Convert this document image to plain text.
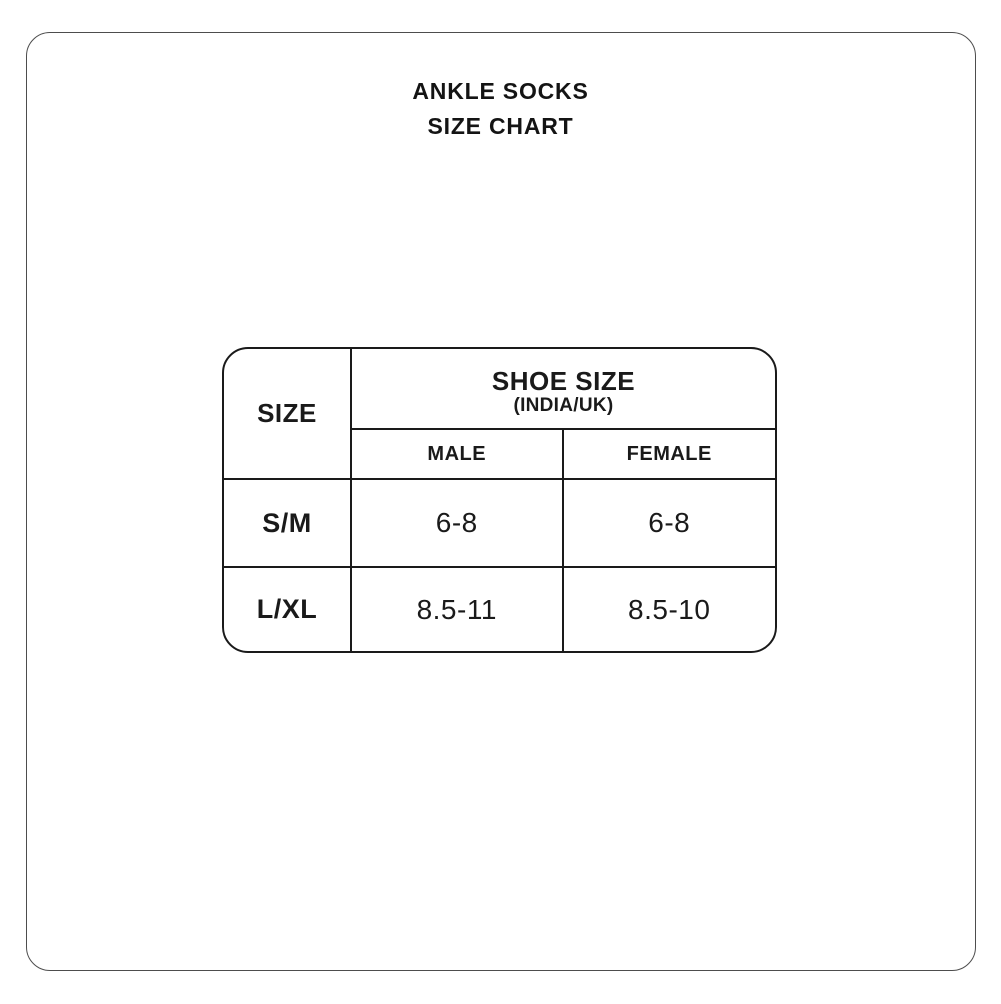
ANKLE SOCKS
SIZE CHART
SIZE
SHOE SIZE
(INDIA/UK)
MALE	FEMALE
S/M	6-8	6-8
L/XL	8.5-11	8.5-10
